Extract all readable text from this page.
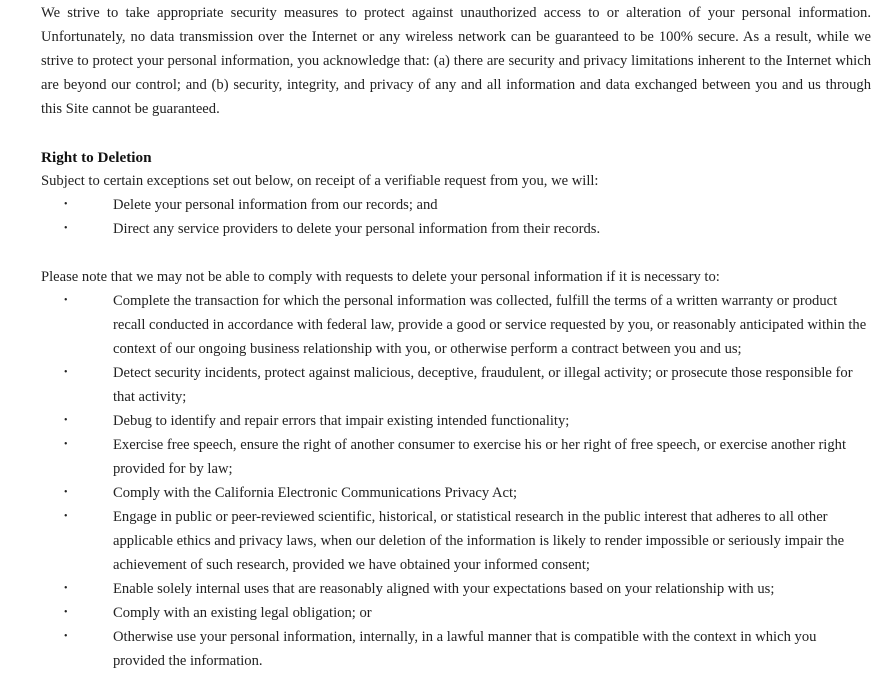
We strive to take appropriate security measures to protect against unauthorized access to or alteration of your personal information. Unfortunately, no data transmission over the Internet or any wireless network can be guaranteed to be 100% secure. As a result, while we strive to protect your personal information, you acknowledge that: (a) there are security and privacy limitations inherent to the Internet which are beyond our control; and (b) security, integrity, and privacy of any and all information and data exchanged between you and us through this Site cannot be guaranteed.

Right to Deletion

Subject to certain exceptions set out below, on receipt of a verifiable request from you, we will:

•	Delete your personal information from our records; and
•	Direct any service providers to delete your personal information from their records.

Please note that we may not be able to comply with requests to delete your personal information if it is necessary to:

•	Complete the transaction for which the personal information was collected, fulfill the terms of a written warranty or product recall conducted in accordance with federal law, provide a good or service requested by you, or reasonably anticipated within the context of our ongoing business relationship with you, or otherwise perform a contract between you and us;
•	Detect security incidents, protect against malicious, deceptive, fraudulent, or illegal activity; or prosecute those responsible for that activity;
•	Debug to identify and repair errors that impair existing intended functionality;
•	Exercise free speech, ensure the right of another consumer to exercise his or her right of free speech, or exercise another right provided for by law;
•	Comply with the California Electronic Communications Privacy Act;
•	Engage in public or peer-reviewed scientific, historical, or statistical research in the public interest that adheres to all other applicable ethics and privacy laws, when our deletion of the information is likely to render impossible or seriously impair the achievement of such research, provided we have obtained your informed consent;
•	Enable solely internal uses that are reasonably aligned with your expectations based on your relationship with us;
•	Comply with an existing legal obligation; or
•	Otherwise use your personal information, internally, in a lawful manner that is compatible with the context in which you provided the information.
